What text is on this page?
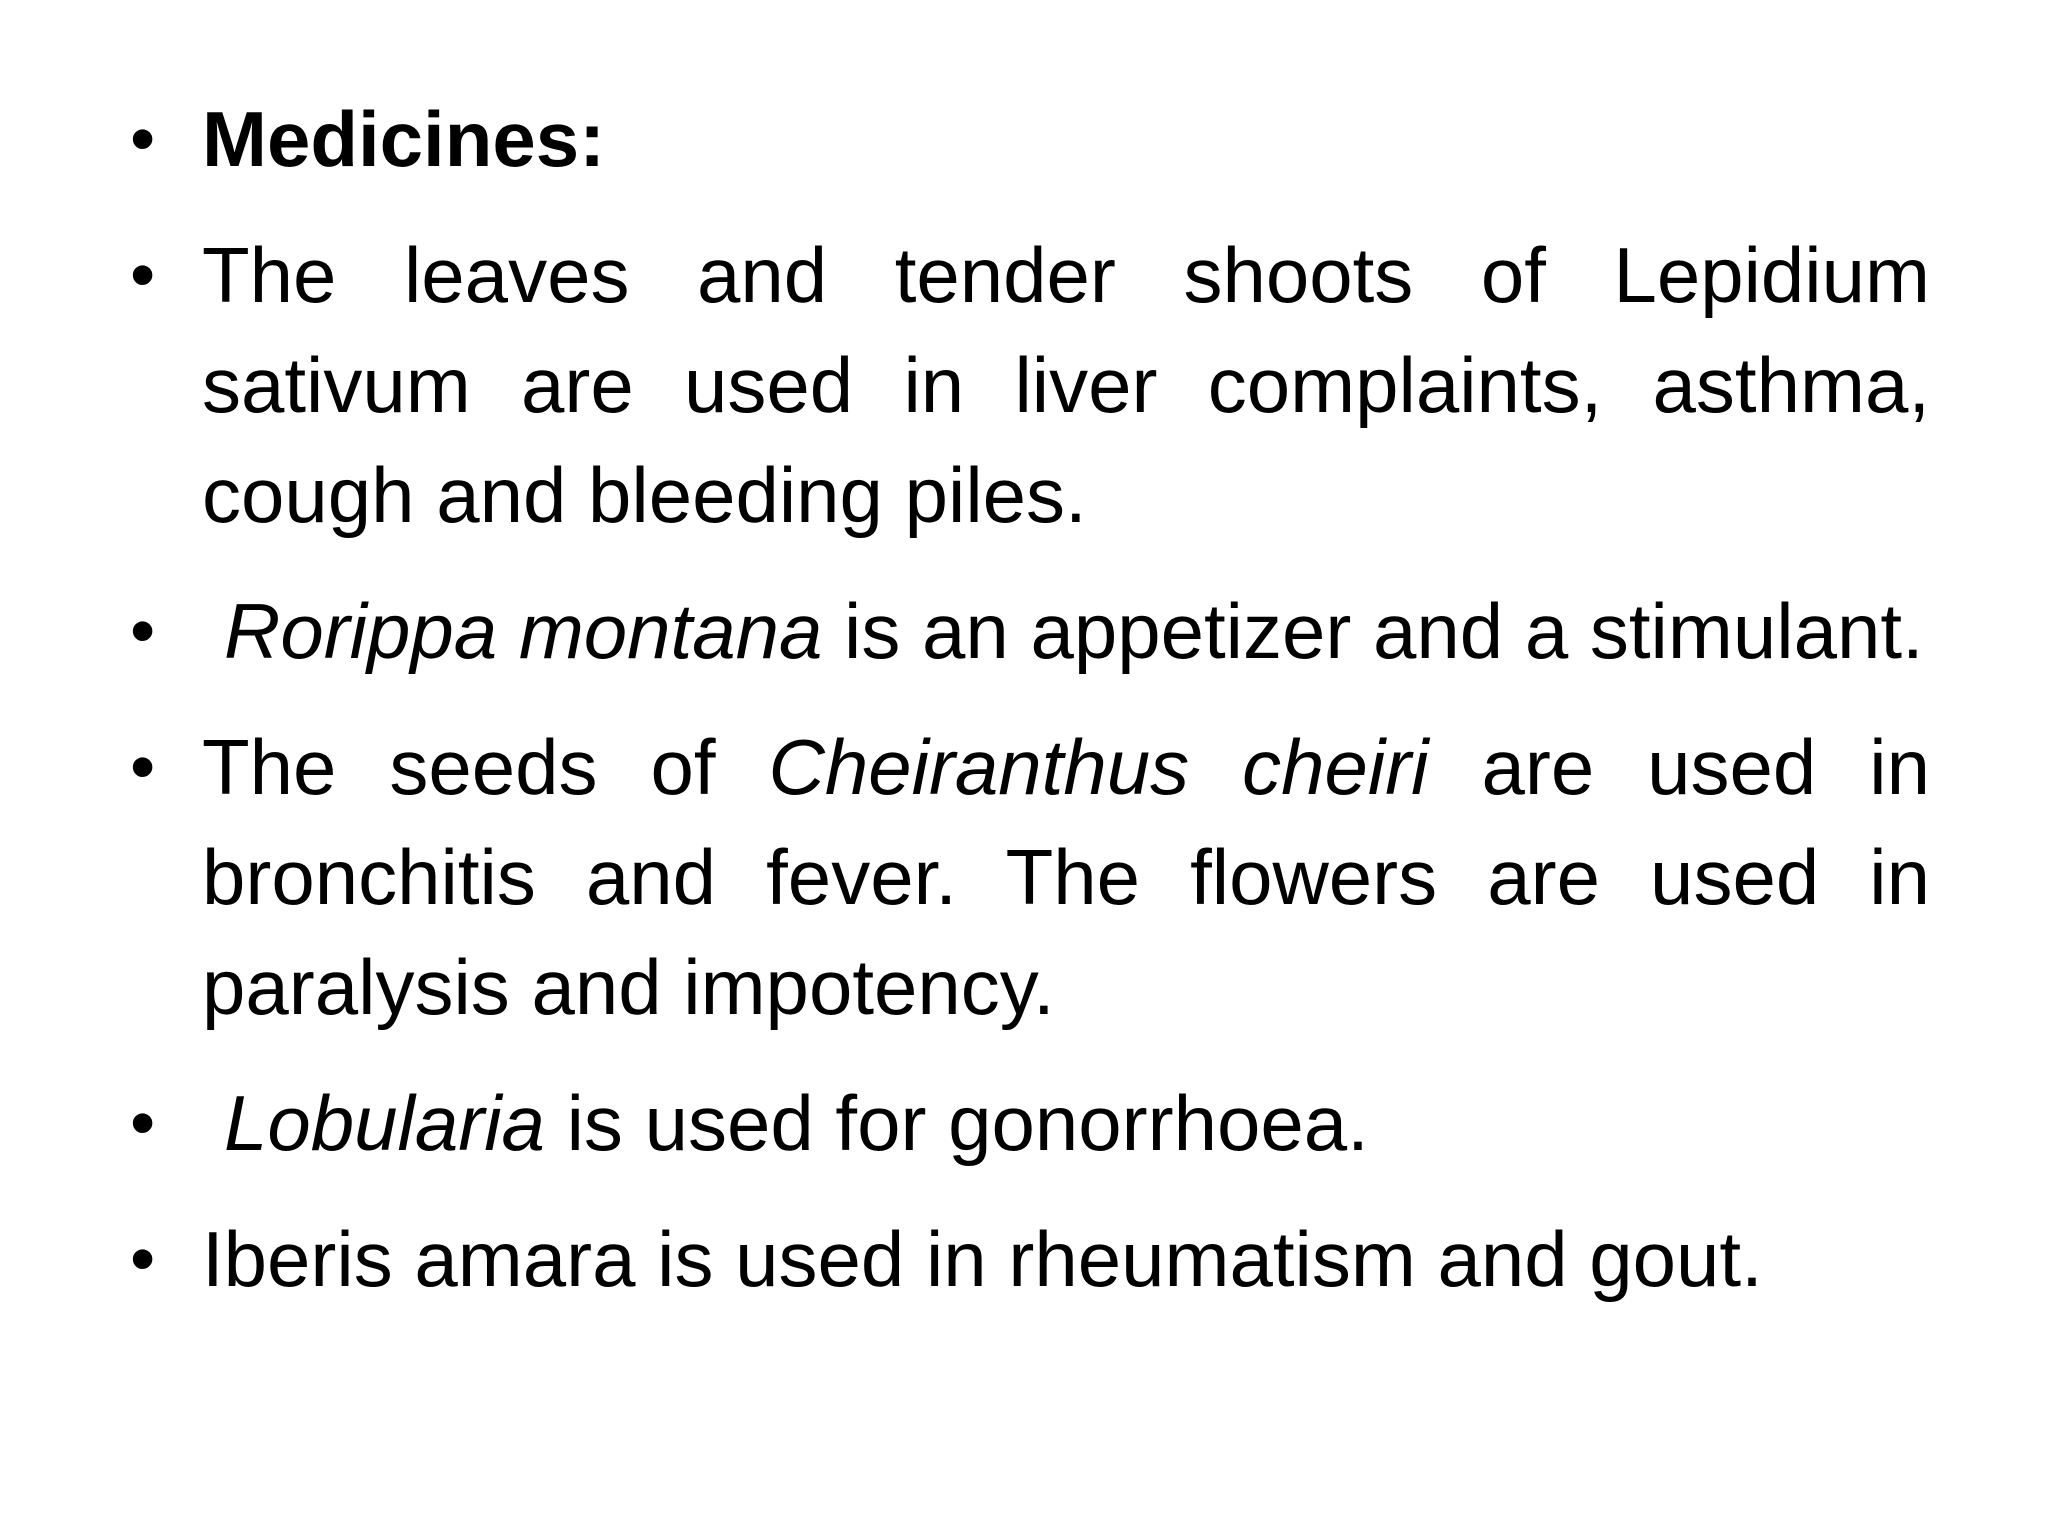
• Medicines:
• The leaves and tender shoots of Lepidium sativum are used in liver complaints, asthma, cough and bleeding piles.
• Rorippa montana is an appetizer and a stimulant.
• The seeds of Cheiranthus cheiri are used in bronchitis and fever. The flowers are used in paralysis and impotency.
• Lobularia is used for gonorrhoea.
• Iberis amara is used in rheumatism and gout.
